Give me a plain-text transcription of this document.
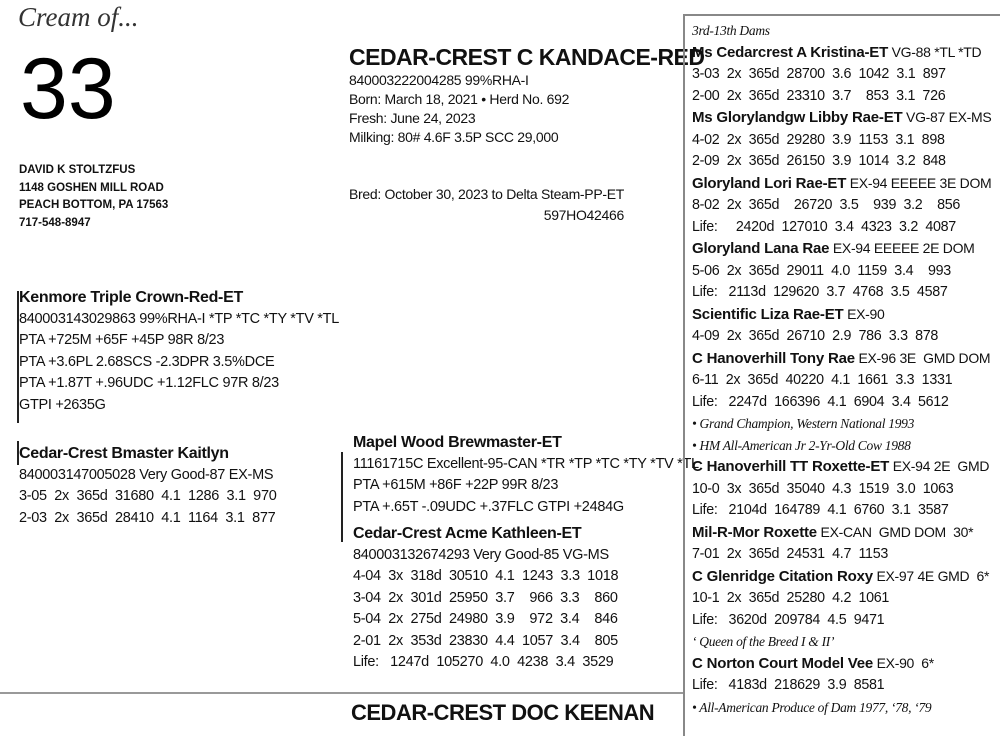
Cream of...
33
DAVID K STOLTZFUS
1148 GOSHEN MILL ROAD
PEACH BOTTOM, PA 17563
717-548-8947
CEDAR-CREST C KANDACE-RED
840003222004285 99%RHA-I
Born: March 18, 2021 • Herd No. 692
Fresh: June 24, 2023
Milking: 80# 4.6F 3.5P SCC 29,000
Bred: October 30, 2023 to Delta Steam-PP-ET
597HO42466
Kenmore Triple Crown-Red-ET
840003143029863 99%RHA-I *TP *TC *TY *TV *TL
PTA +725M +65F +45P 98R 8/23
PTA +3.6PL 2.68SCS -2.3DPR 3.5%DCE
PTA +1.87T +.96UDC +1.12FLC 97R 8/23
GTPI +2635G
Cedar-Crest Bmaster Kaitlyn
840003147005028 Very Good-87 EX-MS
3-05  2x  365d  31680  4.1  1286  3.1  970
2-03  2x  365d  28410  4.1  1164  3.1  877
Mapel Wood Brewmaster-ET
11161715C Excellent-95-CAN *TR *TP *TC *TY *TV *TL
PTA +615M +86F +22P 99R 8/23
PTA +.65T -.09UDC +.37FLC GTPI +2484G
Cedar-Crest Acme Kathleen-ET
840003132674293 Very Good-85 VG-MS
4-04  3x  318d  30510  4.1  1243  3.3  1018
3-04  2x  301d  25950  3.7    966  3.3    860
5-04  2x  275d  24980  3.9    972  3.4    846
2-01  2x  353d  23830  4.4  1057  3.4    805
Life:   1247d  105270  4.0  4238  3.4  3529
3rd-13th Dams
Ms Cedarcrest A Kristina-ET VG-88 *TL *TD
3-03  2x  365d  28700  3.6  1042  3.1  897
2-00  2x  365d  23310  3.7    853  3.1  726
Ms Glorylandgw Libby Rae-ET VG-87 EX-MS
4-02  2x  365d  29280  3.9  1153  3.1  898
2-09  2x  365d  26150  3.9  1014  3.2  848
Gloryland Lori Rae-ET EX-94 EEEEE 3E DOM
8-02  2x  365d    26720  3.5    939  3.2    856
Life:     2420d  127010  3.4  4323  3.2  4087
Gloryland Lana Rae EX-94 EEEEE 2E DOM
5-06  2x  365d  29011  4.0  1159  3.4    993
Life:   2113d  129620  3.7  4768  3.5  4587
Scientific Liza Rae-ET EX-90
4-09  2x  365d  26710  2.9  786  3.3  878
C Hanoverhill Tony Rae EX-96 3E  GMD DOM
6-11  2x  365d  40220  4.1  1661  3.3  1331
Life:   2247d  166396  4.1  6904  3.4  5612
• Grand Champion, Western National 1993
• HM All-American Jr 2-Yr-Old Cow 1988
C Hanoverhill TT Roxette-ET EX-94 2E  GMD
10-0  3x  365d  35040  4.3  1519  3.0  1063
Life:   2104d  164789  4.1  6760  3.1  3587
Mil-R-Mor Roxette EX-CAN  GMD DOM  30*
7-01  2x  365d  24531  4.7  1153
C Glenridge Citation Roxy EX-97 4E GMD  6*
10-1  2x  365d  25280  4.2  1061
Life:   3620d  209784  4.5  9471
‘ Queen of the Breed I & II’
C Norton Court Model Vee EX-90  6*
Life:   4183d  218629  3.9  8581
• All-American Produce of Dam 1977, ‘78, ‘79
CEDAR-CREST DOC KEENAN
